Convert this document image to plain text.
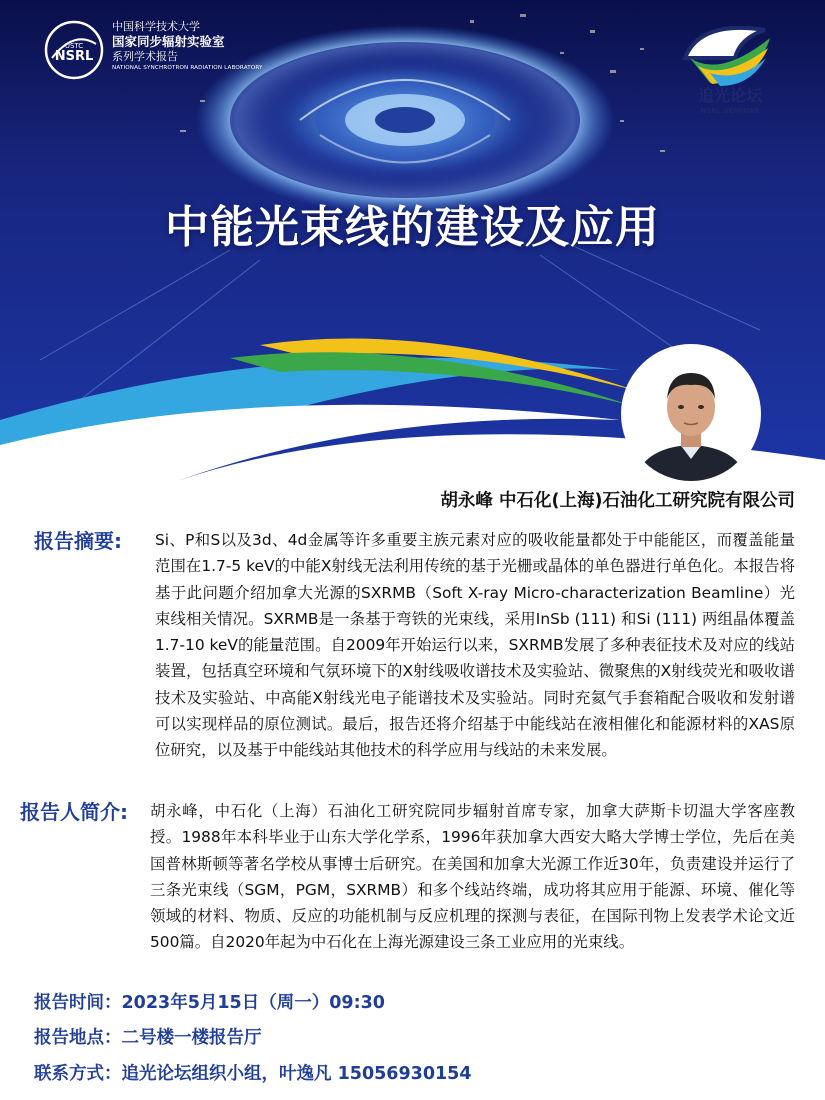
USTC
NSRL
中国科学技术大学
国家同步辐射实验室
系列学术报告
NATIONAL SYNCHROTRON RADIATION LABORATORY
追光论坛
NSRL SEMINAR
中能光束线的建设及应用
胡永峰 中石化(上海)石油化工研究院有限公司
报告摘要: Si、P和S以及3d、4d金属等许多重要主族元素对应的吸收能量都处于中能能区，而覆盖能量范围在1.7-5 keV的中能X射线无法利用传统的基于光栅或晶体的单色器进行单色化。本报告将基于此问题介绍加拿大光源的SXRMB（Soft X-ray Micro-characterization Beamline）光束线相关情况。SXRMB是一条基于弯铁的光束线，采用InSb (111) 和Si (111) 两组晶体覆盖1.7-10 keV的能量范围。自2009年开始运行以来，SXRMB发展了多种表征技术及对应的线站装置，包括真空环境和气氛环境下的X射线吸收谱技术及实验站、微聚焦的X射线荧光和吸收谱技术及实验站、中高能X射线光电子能谱技术及实验站。同时充氦气手套箱配合吸收和发射谱可以实现样品的原位测试。最后，报告还将介绍基于中能线站在液相催化和能源材料的XAS原位研究，以及基于中能线站其他技术的科学应用与线站的未来发展。
报告人简介: 胡永峰，中石化（上海）石油化工研究院同步辐射首席专家，加拿大萨斯卡切温大学客座教授。1988年本科毕业于山东大学化学系，1996年获加拿大西安大略大学博士学位，先后在美国普林斯顿等著名学校从事博士后研究。在美国和加拿大光源工作近30年，负责建设并运行了三条光束线（SGM，PGM，SXRMB）和多个线站终端，成功将其应用于能源、环境、催化等领域的材料、物质、反应的功能机制与反应机理的探测与表征，在国际刊物上发表学术论文近500篇。自2020年起为中石化在上海光源建设三条工业应用的光束线。
报告时间：2023年5月15日（周一）09:30
报告地点：二号楼一楼报告厅
联系方式：追光论坛组织小组，叶逸凡 15056930154
